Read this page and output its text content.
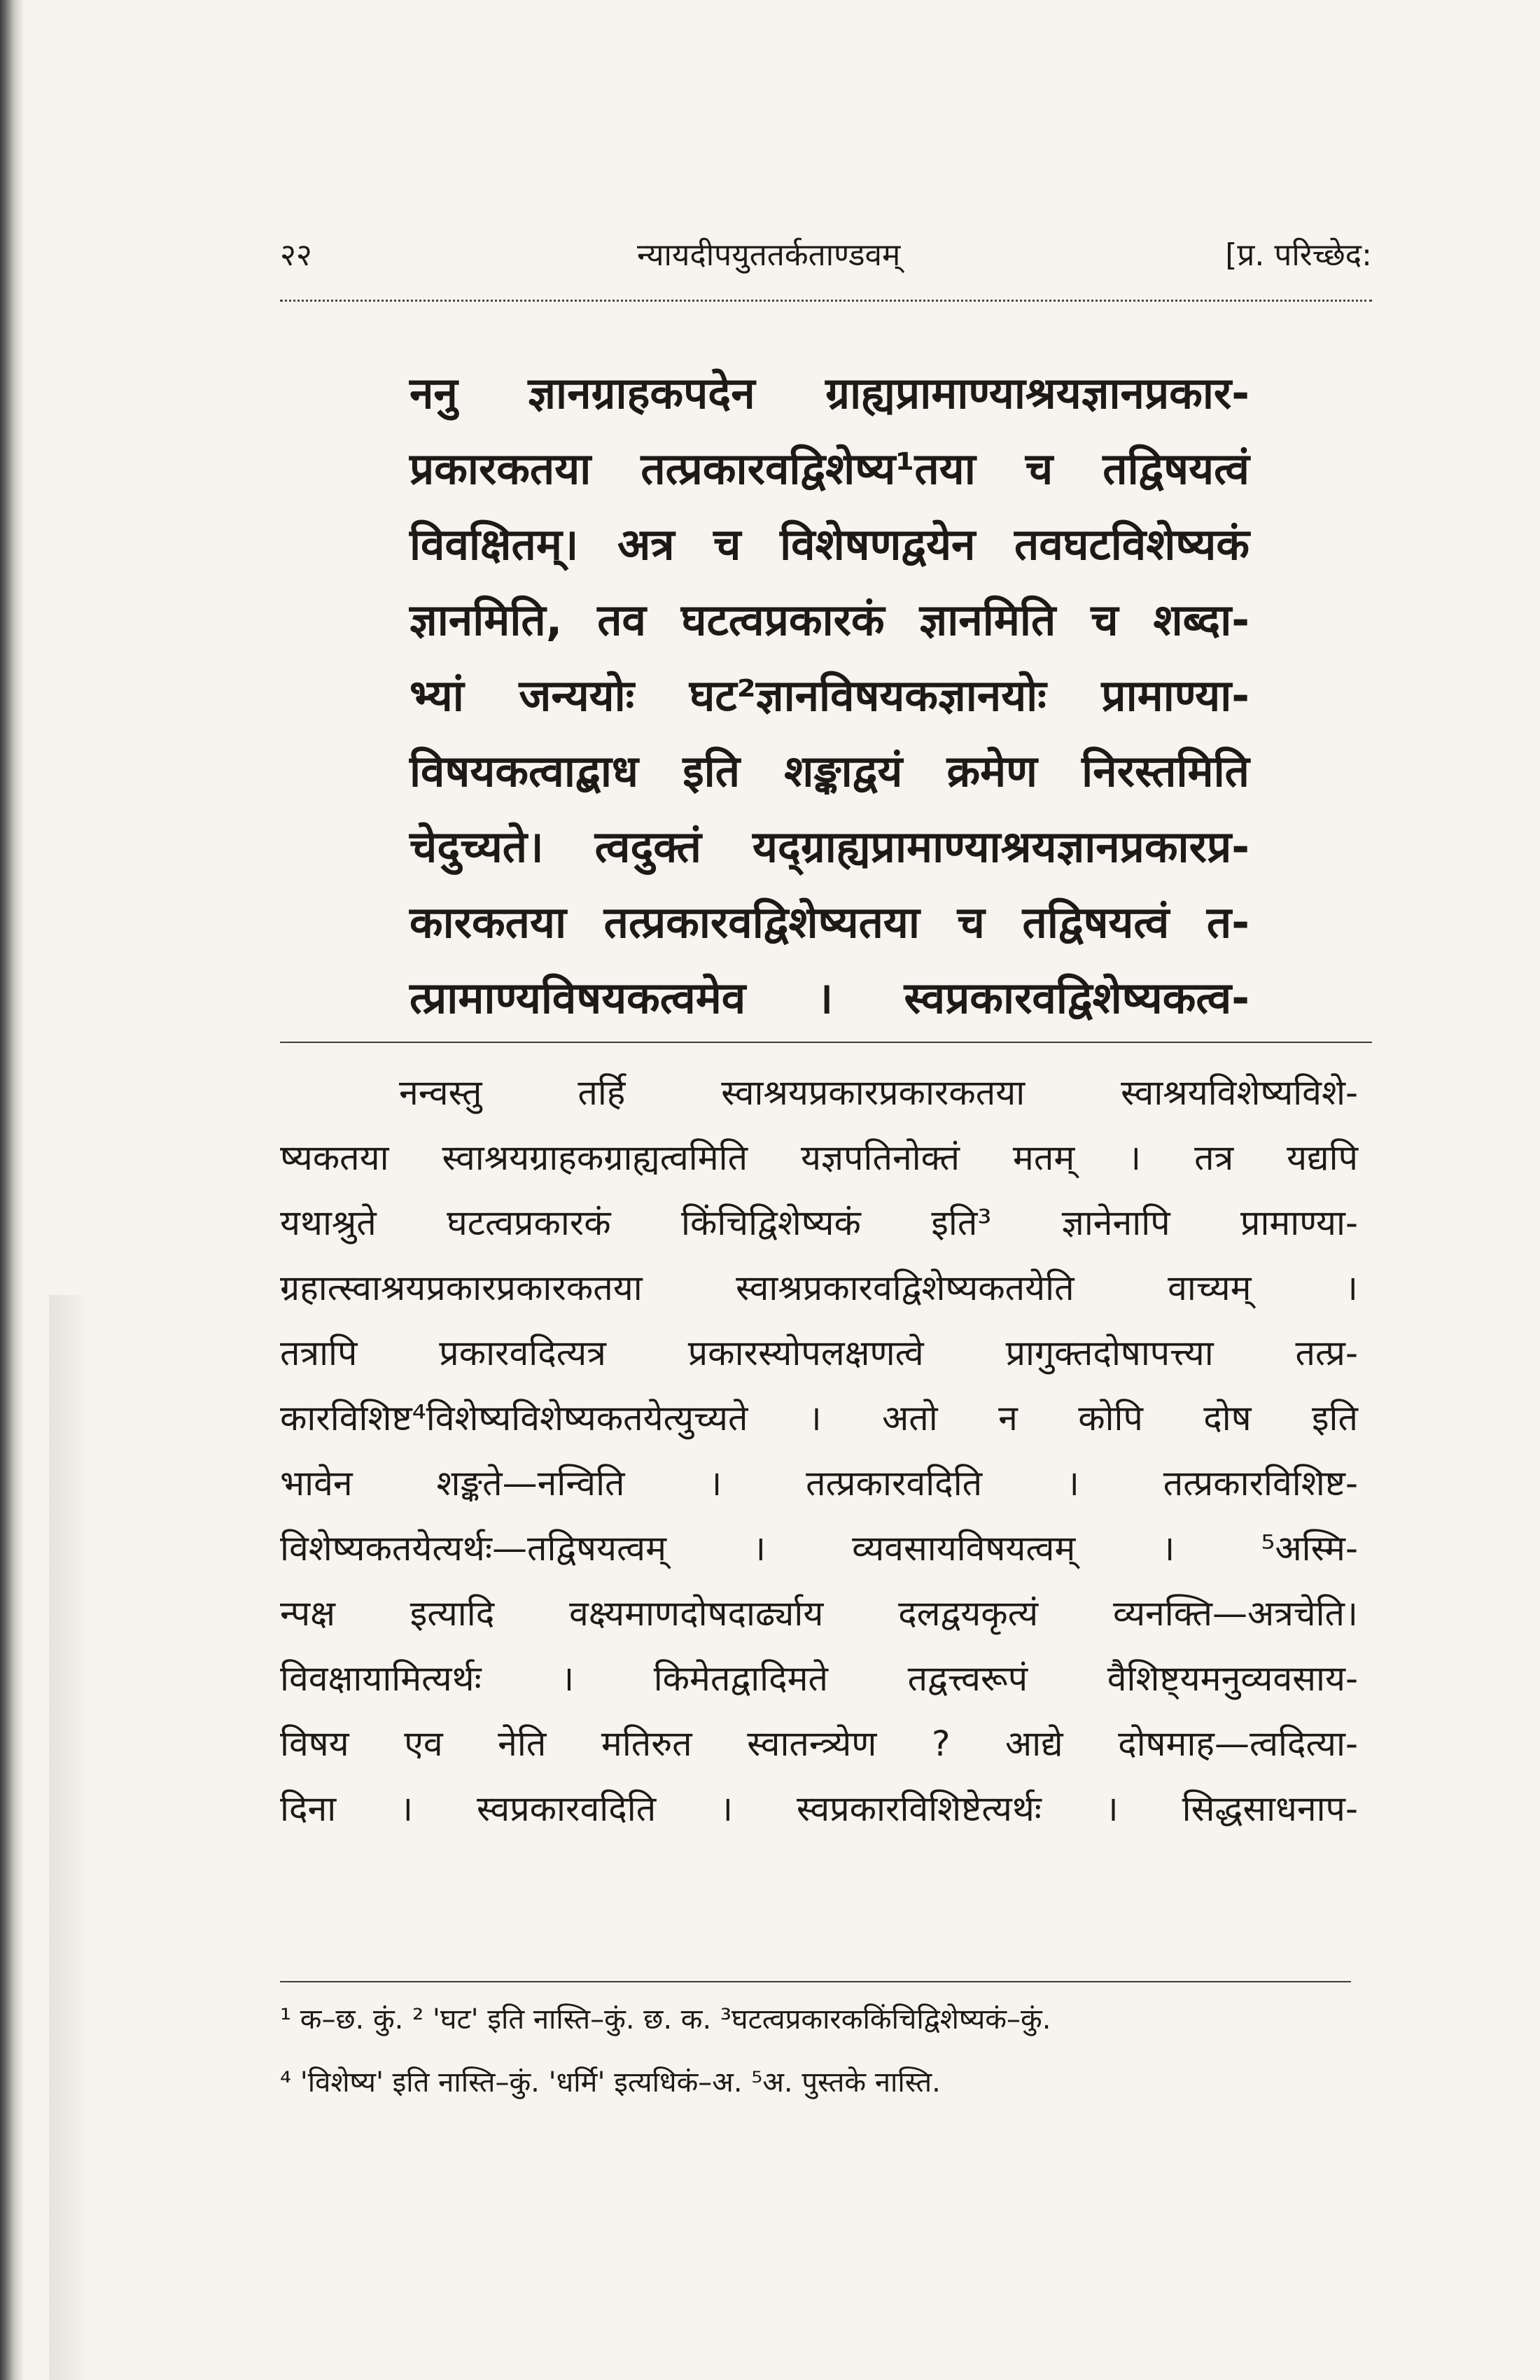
२२	न्यायदीपयुततर्कताण्डवम्	[प्र. परिच्छेद:
ननु ज्ञानग्राहकपदेन ग्राह्यप्रामाण्याश्रयज्ञानप्रकार-
प्रकारकतया तत्प्रकारवद्विशेष्य¹तया च तद्विषयत्वं
विवक्षितम्। अत्र च विशेषणद्वयेन तवघटविशेष्यकं
ज्ञानमिति, तव घटत्वप्रकारकं ज्ञानमिति च शब्दा-
भ्यां जन्ययोः घट²ज्ञानविषयकज्ञानयोः प्रामाण्या-
विषयकत्वाद्बाध इति शङ्काद्वयं क्रमेण निरस्तमिति
चेदुच्यते। त्वदुक्तं यद्ग्राह्यप्रामाण्याश्रयज्ञानप्रकारप्र-
कारकतया तत्प्रकारवद्विशेष्यतया च तद्विषयत्वं त-
त्प्रामाण्यविषयकत्वमेव । स्वप्रकारवद्विशेष्यकत्व-
नन्वस्तु तर्हि स्वाश्रयप्रकारप्रकारकतया स्वाश्रयविशेष्यविशे-
ष्यकतया स्वाश्रयग्राहकग्राह्यत्वमिति यज्ञपतिनोक्तं मतम् । तत्र यद्यपि
यथाश्रुते घटत्वप्रकारकं किंचिद्विशेष्यकं इति³ ज्ञानेनापि प्रामाण्या-
ग्रहात्स्वाश्रयप्रकारप्रकारकतया स्वाश्रप्रकारवद्विशेष्यकतयेति वाच्यम् ।
तत्रापि प्रकारवदित्यत्र प्रकारस्योपलक्षणत्वे प्रागुक्तदोषापत्त्या तत्प्र-
कारविशिष्ट⁴विशेष्यविशेष्यकतयेत्युच्यते । अतो न कोपि दोष इति
भावेन शङ्कते—नन्विति । तत्प्रकारवदिति । तत्प्रकारविशिष्ट-
विशेष्यकतयेत्यर्थः—तद्विषयत्वम् । व्यवसायविषयत्वम् । ⁵अस्मि-
न्पक्ष इत्यादि वक्ष्यमाणदोषदार्ढ्याय दलद्वयकृत्यं व्यनक्ति—अत्रचेति।
विवक्षायामित्यर्थः । किमेतद्वादिमते तद्वत्त्वरूपं वैशिष्ट्यमनुव्यवसाय-
विषय एव नेति मतिरुत स्वातन्त्र्येण ? आद्ये दोषमाह—त्वदित्या-
दिना । स्वप्रकारवदिति । स्वप्रकारविशिष्टेत्यर्थः । सिद्धसाधनाप-
¹ क–छ. कुं. ² 'घट' इति नास्ति–कुं. छ. क. ³घटत्वप्रकारककिंचिद्विशेष्यकं–कुं.
⁴ 'विशेष्य' इति नास्ति–कुं. 'धर्मि' इत्यधिकं–अ. ⁵अ. पुस्तके नास्ति.
